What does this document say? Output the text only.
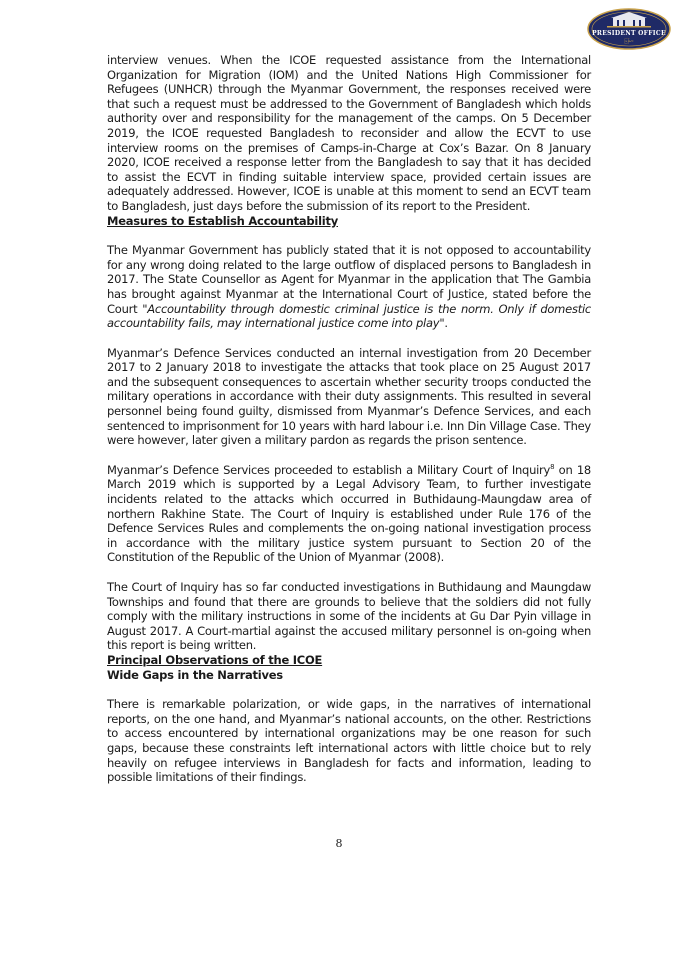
PRESIDENT OFFICE
မြန်မာ

interview venues. When the ICOE requested assistance from the International Organization for Migration (IOM) and the United Nations High Commissioner for Refugees (UNHCR) through the Myanmar Government, the responses received were that such a request must be addressed to the Government of Bangladesh which holds authority over and responsibility for the management of the camps. On 5 December 2019, the ICOE requested Bangladesh to reconsider and allow the ECVT to use interview rooms on the premises of Camps-in-Charge at Cox’s Bazar. On 8 January 2020, ICOE received a response letter from the Bangladesh to say that it has decided to assist the ECVT in finding suitable interview space, provided certain issues are adequately addressed. However, ICOE is unable at this moment to send an ECVT team to Bangladesh, just days before the submission of its report to the President.

Measures to Establish Accountability

The Myanmar Government has publicly stated that it is not opposed to accountability for any wrong doing related to the large outflow of displaced persons to Bangladesh in 2017. The State Counsellor as Agent for Myanmar in the application that The Gambia has brought against Myanmar at the International Court of Justice, stated before the Court "Accountability through domestic criminal justice is the norm. Only if domestic accountability fails, may international justice come into play".

Myanmar’s Defence Services conducted an internal investigation from 20 December 2017 to 2 January 2018 to investigate the attacks that took place on 25 August 2017 and the subsequent consequences to ascertain whether security troops conducted the military operations in accordance with their duty assignments. This resulted in several personnel being found guilty, dismissed from Myanmar’s Defence Services, and each sentenced to imprisonment for 10 years with hard labour i.e. Inn Din Village Case. They were however, later given a military pardon as regards the prison sentence.

Myanmar’s Defence Services proceeded to establish a Military Court of Inquiry$^8$ on 18 March 2019 which is supported by a Legal Advisory Team, to further investigate incidents related to the attacks which occurred in Buthidaung-Maungdaw area of northern Rakhine State. The Court of Inquiry is established under Rule 176 of the Defence Services Rules and complements the on-going national investigation process in accordance with the military justice system pursuant to Section 20 of the Constitution of the Republic of the Union of Myanmar (2008).

The Court of Inquiry has so far conducted investigations in Buthidaung and Maungdaw Townships and found that there are grounds to believe that the soldiers did not fully comply with the military instructions in some of the incidents at Gu Dar Pyin village in August 2017. A Court-martial against the accused military personnel is on-going when this report is being written.

Principal Observations of the ICOE

Wide Gaps in the Narratives

There is remarkable polarization, or wide gaps, in the narratives of international reports, on the one hand, and Myanmar’s national accounts, on the other. Restrictions to access encountered by international organizations may be one reason for such gaps, because these constraints left international actors with little choice but to rely heavily on refugee interviews in Bangladesh for facts and information, leading to possible limitations of their findings.

8
